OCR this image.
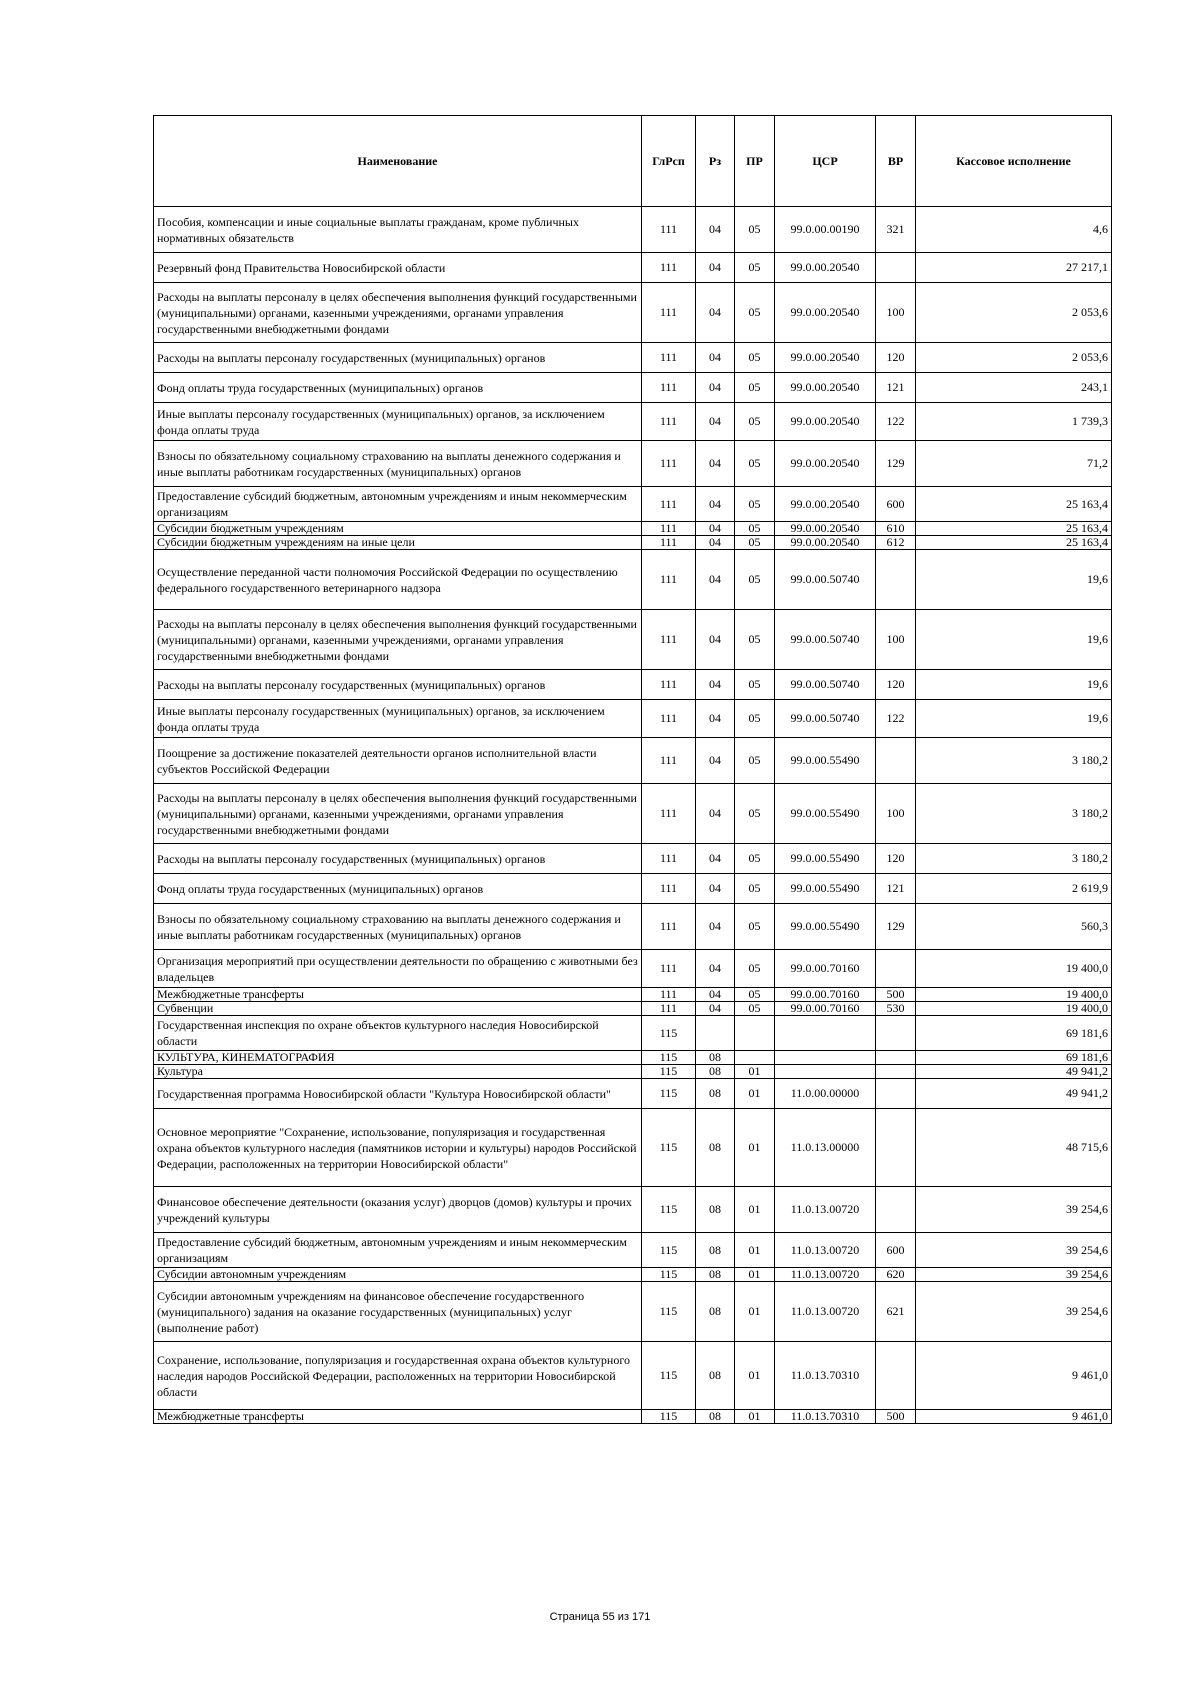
Наименование	ГлРсп	Рз	ПР	ЦСР	ВР	Кассовое исполнение
Пособия, компенсации и иные социальные выплаты гражданам, кроме публичных нормативных обязательств	111	04	05	99.0.00.00190	321	4,6
Резервный фонд Правительства Новосибирской области	111	04	05	99.0.00.20540		27 217,1
Расходы на выплаты персоналу в целях обеспечения выполнения функций государственными (муниципальными) органами, казенными учреждениями, органами управления государственными внебюджетными фондами	111	04	05	99.0.00.20540	100	2 053,6
Расходы на выплаты персоналу государственных (муниципальных) органов	111	04	05	99.0.00.20540	120	2 053,6
Фонд оплаты труда государственных (муниципальных) органов	111	04	05	99.0.00.20540	121	243,1
Иные выплаты персоналу государственных (муниципальных) органов, за исключением фонда оплаты труда	111	04	05	99.0.00.20540	122	1 739,3
Взносы по обязательному социальному страхованию на выплаты денежного содержания и иные выплаты работникам государственных (муниципальных) органов	111	04	05	99.0.00.20540	129	71,2
Предоставление субсидий бюджетным, автономным учреждениям и иным некоммерческим организациям	111	04	05	99.0.00.20540	600	25 163,4
Субсидии бюджетным учреждениям	111	04	05	99.0.00.20540	610	25 163,4
Субсидии бюджетным учреждениям на иные цели	111	04	05	99.0.00.20540	612	25 163,4
Осуществление переданной части полномочия Российской Федерации по осуществлению федерального государственного ветеринарного надзора	111	04	05	99.0.00.50740		19,6
Расходы на выплаты персоналу в целях обеспечения выполнения функций государственными (муниципальными) органами, казенными учреждениями, органами управления государственными внебюджетными фондами	111	04	05	99.0.00.50740	100	19,6
Расходы на выплаты персоналу государственных (муниципальных) органов	111	04	05	99.0.00.50740	120	19,6
Иные выплаты персоналу государственных (муниципальных) органов, за исключением фонда оплаты труда	111	04	05	99.0.00.50740	122	19,6
Поощрение за достижение показателей деятельности органов исполнительной власти субъектов Российской Федерации	111	04	05	99.0.00.55490		3 180,2
Расходы на выплаты персоналу в целях обеспечения выполнения функций государственными (муниципальными) органами, казенными учреждениями, органами управления государственными внебюджетными фондами	111	04	05	99.0.00.55490	100	3 180,2
Расходы на выплаты персоналу государственных (муниципальных) органов	111	04	05	99.0.00.55490	120	3 180,2
Фонд оплаты труда государственных (муниципальных) органов	111	04	05	99.0.00.55490	121	2 619,9
Взносы по обязательному социальному страхованию на выплаты денежного содержания и иные выплаты работникам государственных (муниципальных) органов	111	04	05	99.0.00.55490	129	560,3
Организация мероприятий при осуществлении деятельности по обращению с животными без владельцев	111	04	05	99.0.00.70160		19 400,0
Межбюджетные трансферты	111	04	05	99.0.00.70160	500	19 400,0
Субвенции	111	04	05	99.0.00.70160	530	19 400,0
Государственная инспекция по охране объектов культурного наследия Новосибирской области	115					69 181,6
КУЛЬТУРА, КИНЕМАТОГРАФИЯ	115	08				69 181,6
Культура	115	08	01			49 941,2
Государственная программа Новосибирской области "Культура Новосибирской области"	115	08	01	11.0.00.00000		49 941,2
Основное мероприятие "Сохранение, использование, популяризация и государственная охрана объектов культурного наследия (памятников истории и культуры) народов Российской Федерации, расположенных на территории Новосибирской области"	115	08	01	11.0.13.00000		48 715,6
Финансовое обеспечение деятельности (оказания услуг) дворцов (домов) культуры и прочих учреждений культуры	115	08	01	11.0.13.00720		39 254,6
Предоставление субсидий бюджетным, автономным учреждениям и иным некоммерческим организациям	115	08	01	11.0.13.00720	600	39 254,6
Субсидии автономным учреждениям	115	08	01	11.0.13.00720	620	39 254,6
Субсидии автономным учреждениям на финансовое обеспечение государственного (муниципального) задания на оказание государственных (муниципальных) услуг (выполнение работ)	115	08	01	11.0.13.00720	621	39 254,6
Сохранение, использование, популяризация и государственная охрана объектов культурного наследия народов Российской Федерации, расположенных на территории Новосибирской области	115	08	01	11.0.13.70310		9 461,0
Межбюджетные трансферты	115	08	01	11.0.13.70310	500	9 461,0
Страница 55 из 171
